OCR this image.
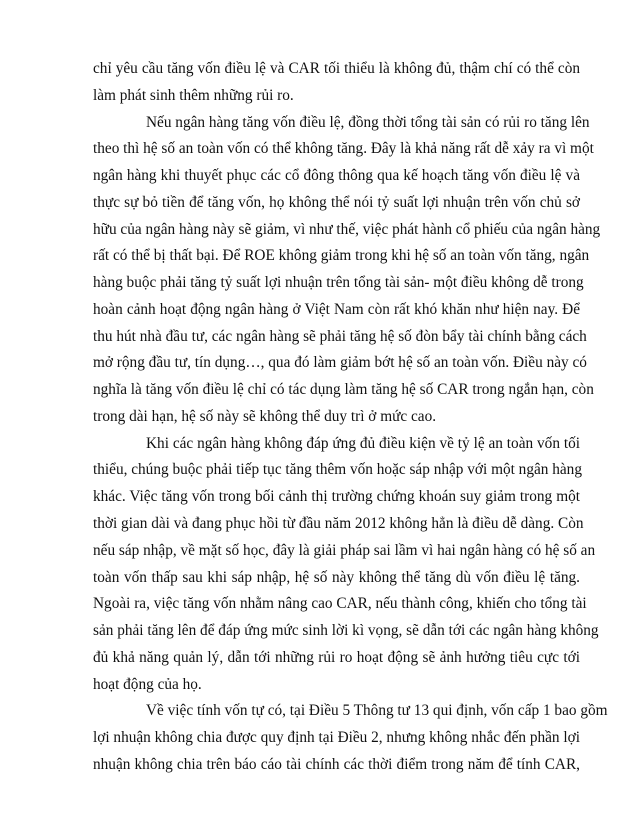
chỉ yêu cầu tăng vốn điều lệ và CAR tối thiểu là không đủ, thậm chí có thể còn
làm phát sinh thêm những rủi ro.
Nếu ngân hàng tăng vốn điều lệ, đồng thời tổng tài sản có rủi ro tăng lên
theo thì hệ số an toàn vốn có thể không tăng. Đây là khả năng rất dễ xảy ra vì một
ngân hàng khi thuyết phục các cổ đông thông qua kế hoạch tăng vốn điều lệ và
thực sự bỏ tiền để tăng vốn, họ không thể nói tỷ suất lợi nhuận trên vốn chủ sở
hữu của ngân hàng này sẽ giảm, vì như thế, việc phát hành cổ phiếu của ngân hàng
rất có thể bị thất bại. Để ROE không giảm trong khi hệ số an toàn vốn tăng, ngân
hàng buộc phải tăng tỷ suất lợi nhuận trên tổng tài sản- một điều không dễ trong
hoàn cảnh hoạt động ngân hàng ở Việt Nam còn rất khó khăn như hiện nay. Để
thu hút nhà đầu tư, các ngân hàng sẽ phải tăng hệ số đòn bẩy tài chính bằng cách
mở rộng đầu tư, tín dụng…, qua đó làm giảm bớt hệ số an toàn vốn. Điều này có
nghĩa là tăng vốn điều lệ chỉ có tác dụng làm tăng hệ số CAR trong ngắn hạn, còn
trong dài hạn, hệ số này sẽ không thể duy trì ở mức cao.
Khi các ngân hàng không đáp ứng đủ điều kiện về tỷ lệ an toàn vốn tối
thiểu, chúng buộc phải tiếp tục tăng thêm vốn hoặc sáp nhập với một ngân hàng
khác. Việc tăng vốn trong bối cảnh thị trường chứng khoán suy giảm trong một
thời gian dài và đang phục hồi từ đầu năm 2012 không hẳn là điều dễ dàng. Còn
nếu sáp nhập, về mặt số học, đây là giải pháp sai lầm vì hai ngân hàng có hệ số an
toàn vốn thấp sau khi sáp nhập, hệ số này không thể tăng dù vốn điều lệ tăng.
Ngoài ra, việc tăng vốn nhằm nâng cao CAR, nếu thành công, khiến cho tổng tài
sản phải tăng lên để đáp ứng mức sinh lời kì vọng, sẽ dẫn tới các ngân hàng không
đủ khả năng quản lý, dẫn tới những rủi ro hoạt động sẽ ảnh hưởng tiêu cực tới
hoạt động của họ.
Về việc tính vốn tự có, tại Điều 5 Thông tư 13 qui định, vốn cấp 1 bao gồm
lợi nhuận không chia được quy định tại Điều 2, nhưng không nhắc đến phần lợi
nhuận không chia trên báo cáo tài chính các thời điểm trong năm để tính CAR,
